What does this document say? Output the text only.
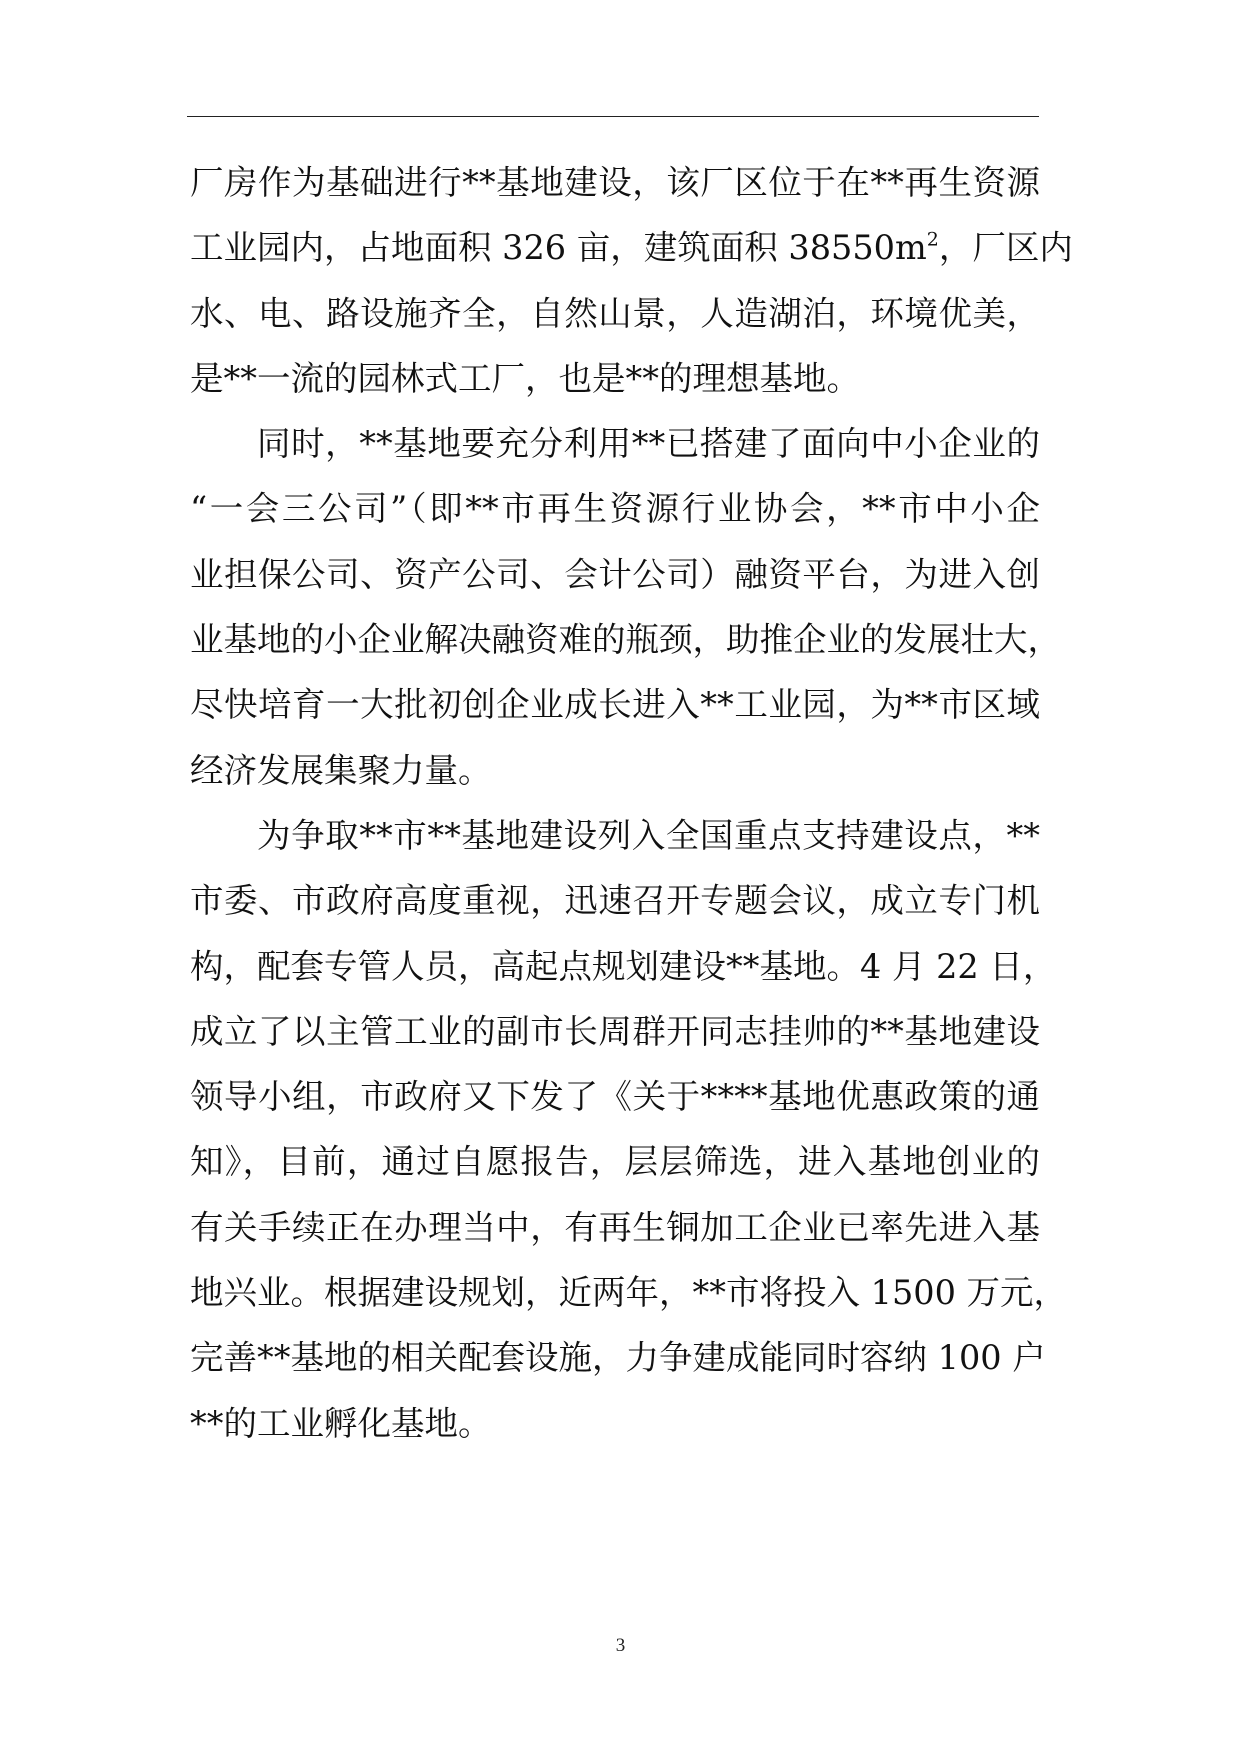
厂房作为基础进行**基地建设，该厂区位于在**再生资源
工业园内，占地面积 326 亩，建筑面积 $38550m^2$，厂区内
水、电、路设施齐全，自然山景，人造湖泊，环境优美，
是**一流的园林式工厂，也是**的理想基地。
同时，**基地要充分利用**已搭建了面向中小企业的
“一会三公司”（即**市再生资源行业协会，**市中小企
业担保公司、资产公司、会计公司）融资平台，为进入创
业基地的小企业解决融资难的瓶颈，助推企业的发展壮大，
尽快培育一大批初创企业成长进入**工业园，为**市区域
经济发展集聚力量。
为争取**市**基地建设列入全国重点支持建设点，**
市委、市政府高度重视，迅速召开专题会议，成立专门机
构，配套专管人员，高起点规划建设**基地。4 月 22 日，
成立了以主管工业的副市长周群开同志挂帅的**基地建设
领导小组，市政府又下发了《关于****基地优惠政策的通
知》，目前，通过自愿报告，层层筛选，进入基地创业的
有关手续正在办理当中，有再生铜加工企业已率先进入基
地兴业。根据建设规划，近两年，**市将投入 1500 万元，
完善**基地的相关配套设施，力争建成能同时容纳 100 户
**的工业孵化基地。
3
